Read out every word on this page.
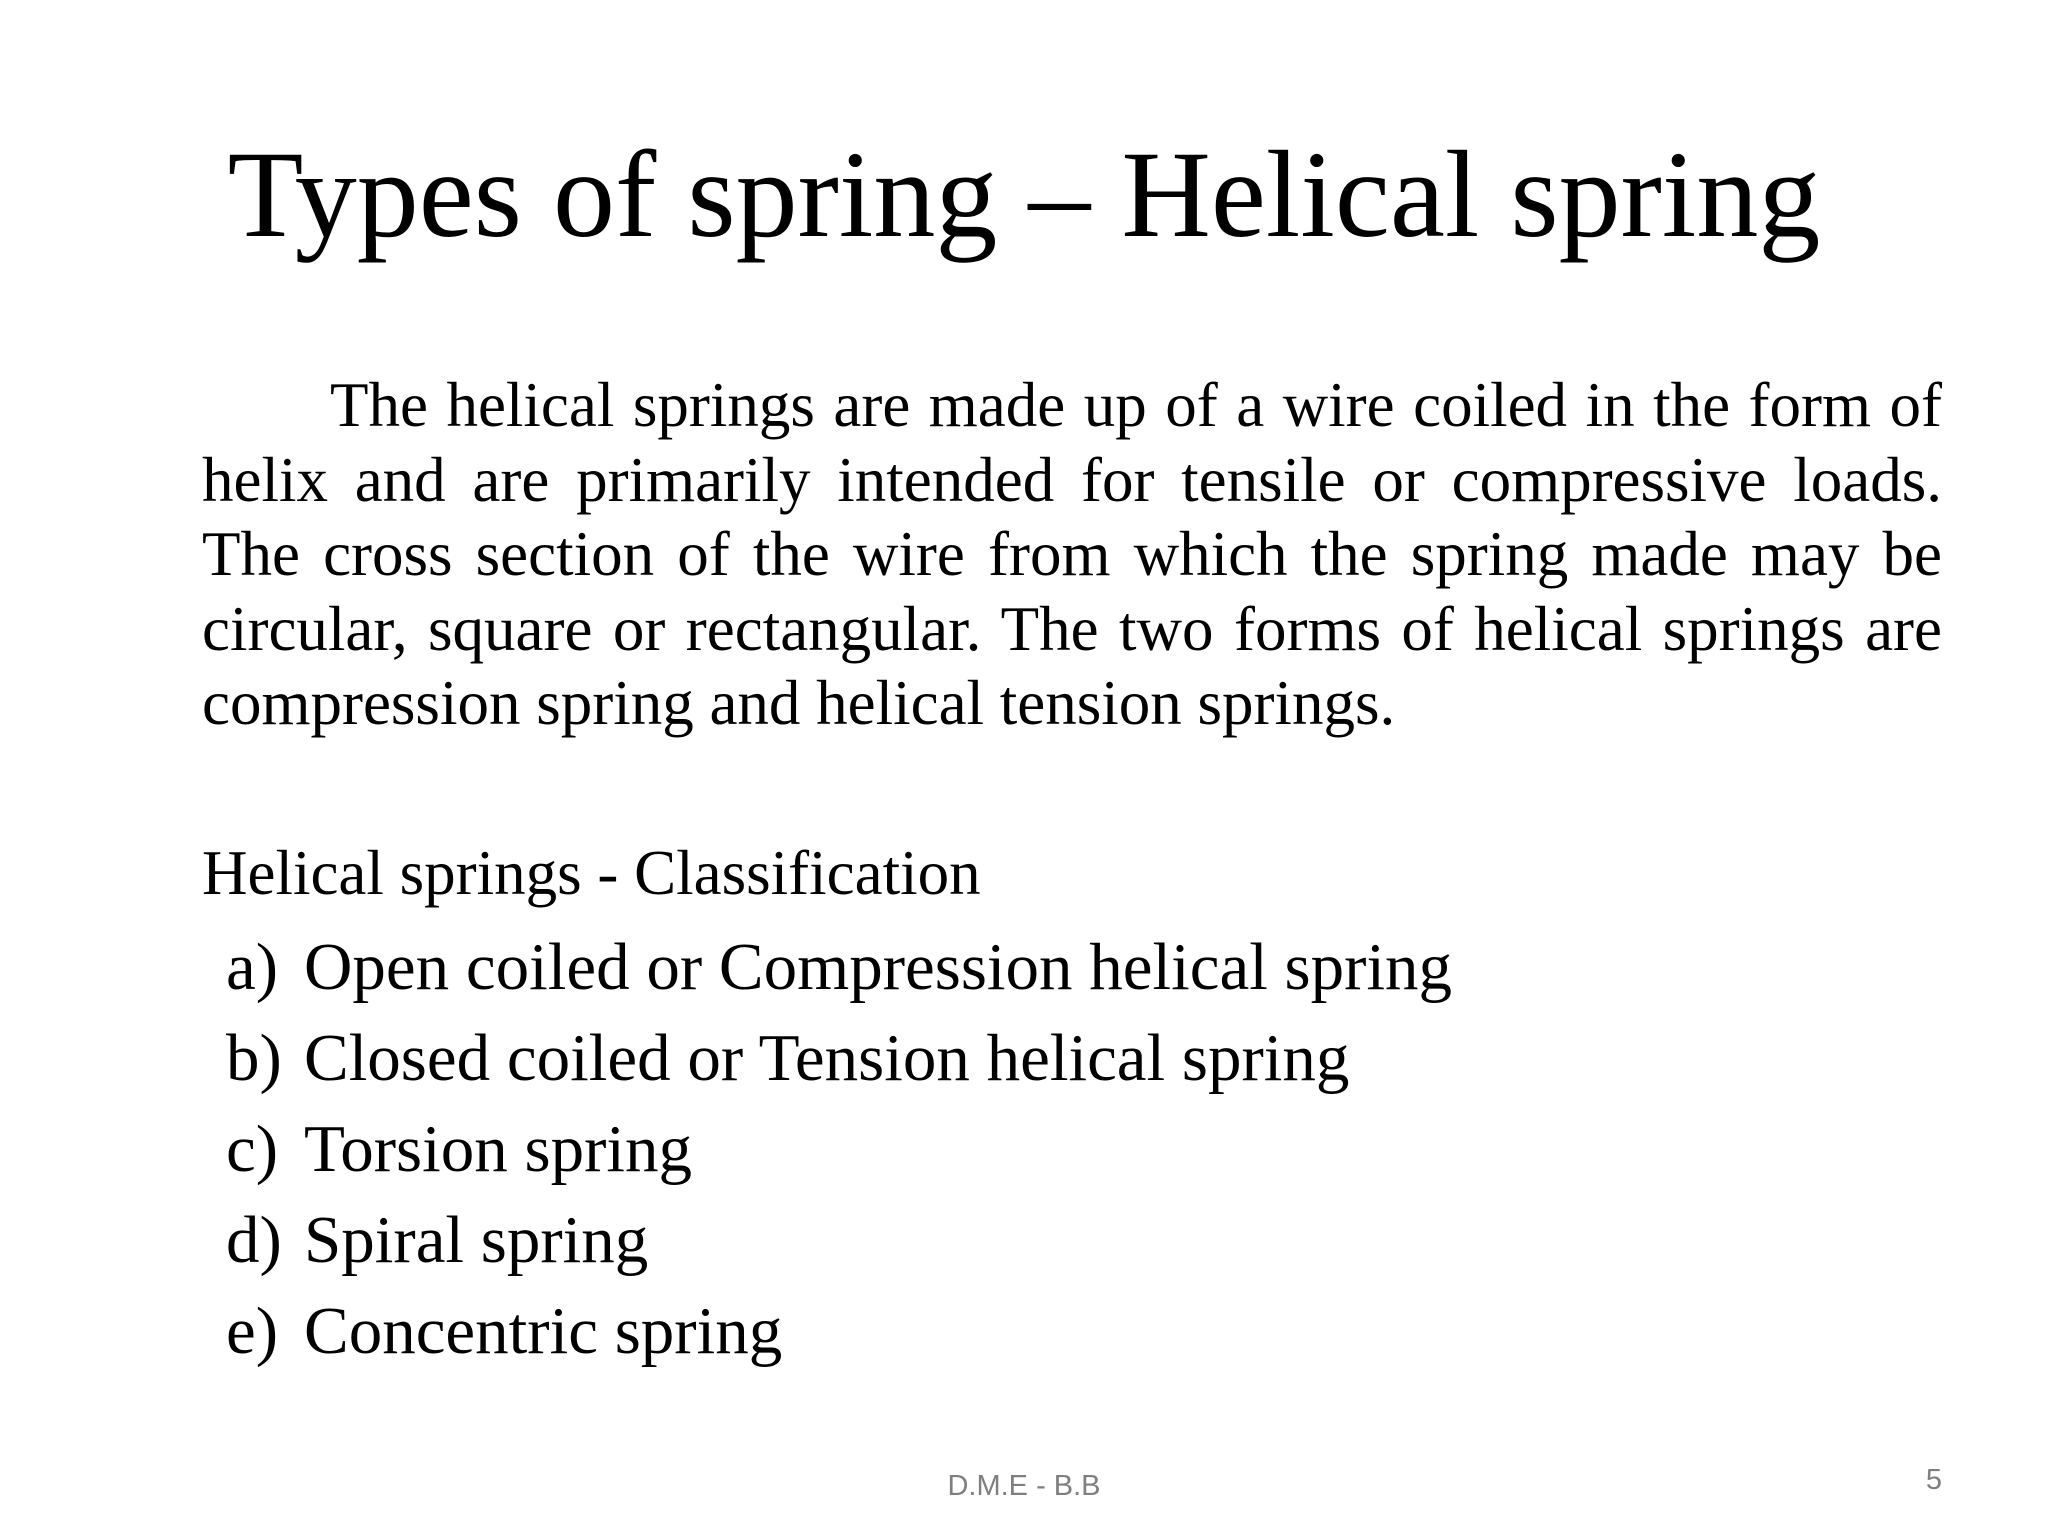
Types of spring – Helical spring

The helical springs are made up of a wire coiled in the form of helix and are primarily intended for tensile or compressive loads. The cross section of the wire from which the spring made may be circular, square or rectangular. The two forms of helical springs are compression spring and helical tension springs.

Helical springs - Classification

a) Open coiled or Compression helical spring
b) Closed coiled or Tension helical spring
c) Torsion spring
d) Spiral spring
e) Concentric spring
D.M.E - B.B	5
